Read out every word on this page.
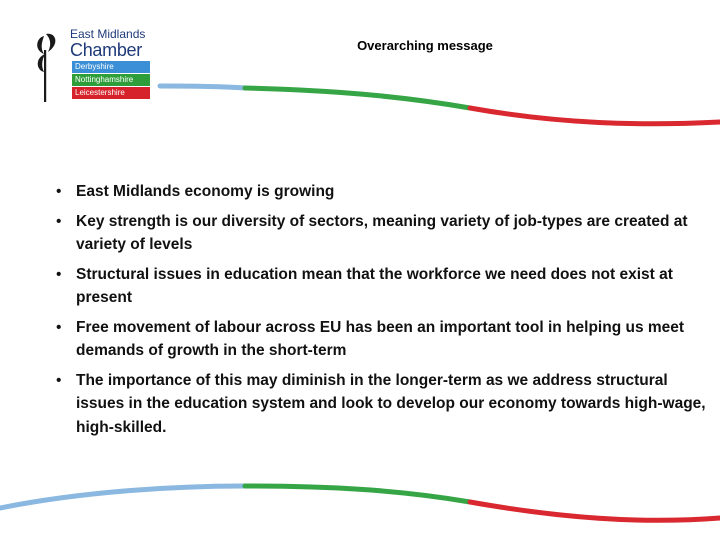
East Midlands
Chamber
Derbyshire
Nottinghamshire
Leicestershire
Overarching message
• East Midlands economy is growing
• Key strength is our diversity of sectors, meaning variety of job-types are created at variety of levels
• Structural issues in education mean that the workforce we need does not exist at present
• Free movement of labour across EU has been an important tool in helping us meet demands of growth in the short-term
• The importance of this may diminish in the longer-term as we address structural issues in the education system and look to develop our economy towards high-wage, high-skilled.
